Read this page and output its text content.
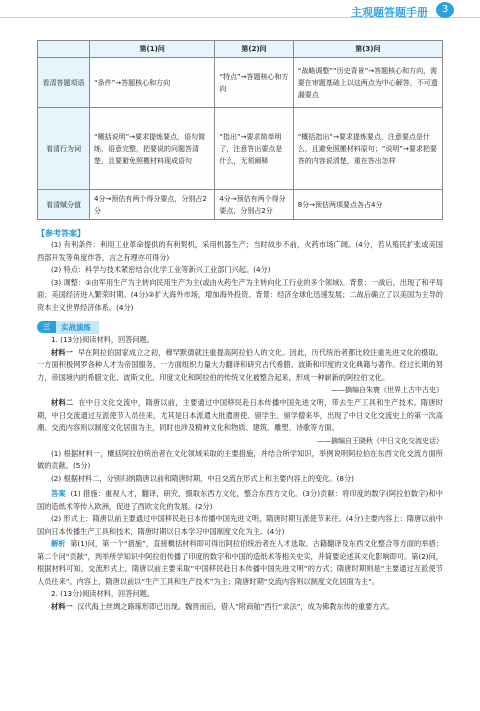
主观题答题手册	3
	第(1)问	第(2)问	第(3)问
看清答题项语	“条件”→答题核心和方向	“特点”→答题核心和方向	“战略调整”“历史背景”→答题核心和方向，需要在审题基础上以这两点为中心解答，不可遗漏要点
看清行为词	“概括说明”→要求提炼要点，语句简练，语意完整，把要说的问题答清楚，且要避免照搬材料现成语句	“指出”→要求简单明了，注意答出要点是什么，无须阐释	“概括指出”→要求提炼要点，注意要点是什么，且避免照搬材料原句；“说明”→要求把要答的内容说清楚，重在答出怎样
看清赋分值	4分→预估有两个得分要点，分别占2分	4分→预估有两个得分要点，分别占2分	8分→预估两项要点各占4分
【参考答案】

(1) 有利条件：利用工业革命提供的有利契机，采用机器生产；当时故步不前，火药市场广阔。(4分，若从殖民扩张或美国西部开发等角度作答，言之有理亦可得分)

(2) 特点：科学与技术紧密结合(化学工业等新兴工业部门兴起。(4分)

(3) 调整：①由军用生产为主转向民用生产为主(或由火药生产为主转向化工行业的多个领域)。背景：一战后，出现了和平局面；美国经济进入繁荣时期。(4分)②扩大海外市场，增加海外投资。背景：经济全球化迅速发展；二战后确立了以美国为主导的资本主义世界经济体系。(4分)

三	实战演练

1. (13分)阅读材料，回答问题。

材料一 早在阿拉伯国家成立之初，穆罕默德就注重提高阿拉伯人的文化。因此，历代统治者都比较注重先进文化的摄取。一方面积极网罗各种人才为帝国服务，一方面组织力量大力翻译和研究古代希腊、波斯和印度的文化典籍与著作。经过长期的努力，帝国境内的希腊文化、波斯文化、印度文化和阿拉伯的传统文化被整合起来，形成一种崭新的阿拉伯文化。

——摘编自朱寰《世界上古中古史》

材料二 在中日文化交流中，隋唐以前，主要通过中国移民赴日本传播中国先进文明，带去生产工具和生产技术。隋唐时期，中日交流通过互派使节人员往来，尤其是日本派遣大批遣唐使、留学生、留学僧来华，出现了中日文化交流史上的第一次高潮。交流内容则以制度文化居面为主，同时也涉及精神文化和物质、建筑、雕塑、诗歌等方面。

——摘编自王晓秋《中日文化交流史话》

(1) 根据材料一，概括阿拉伯统治者在文化领域采取的主要措施，并结合所学知识，举例说明阿拉伯在东西文化交流方面所做的贡献。(5分)

(2) 根据材料二，分别归纳隋唐以前和隋唐时期，中日交流在形式上和主要内容上的变化。(8分)

答案 (1) 措施：重视人才，翻译，研究，摄取东西方文化，整合东西方文化。(3分)贡献：将印度的数字(阿拉伯数字)和中国的造纸术等传入欧洲，促进了西欧文化的发展。(2分)

(2) 形式上：隋唐以前主要通过中国移民赴日本传播中国先进文明，隋唐时期互派使节来往。(4分)主要内容上：隋唐以前中国向日本传播生产工具和技术，隋唐时期以日本学习中国制度文化为主。(4分)

解析 第(1)问，第一个“措施”，直接概括材料即可得出阿拉伯统治者在人才选取、古籍翻译及东西文化整合等方面的举措；第二个问“贡献”，判举所学知识中阿拉伯传播了印度的数字和中国的造纸术等相关史实，并简要论述其文化影响即可。第(2)问，根据材料可知，交流形式上，隋唐以前主要采取“中国移民赴日本传播中国先进文明”的方式；隋唐时期则是“主要通过互派使节人员往来”。内容上，隋唐以前以“生产工具和生产技术”为主；隋唐时期“交流内容则以制度文化居面为主”。

2. (13分)阅读材料，回答问题。

材料一 汉代海上丝绸之路琢形即已出现。魏晋而后，借人“附商舶”西行“求法”，成为佛教东传的重要方式。
